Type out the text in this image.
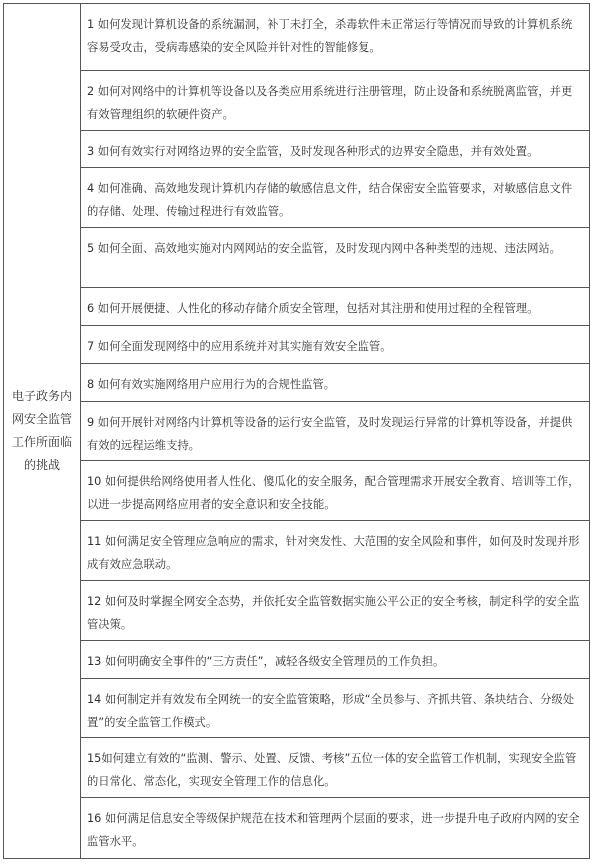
电子政务内网安全监管工作所面临的挑战
1 如何发现计算机设备的系统漏洞，补丁未打全，杀毒软件未正常运行等情况而导致的计算机系统容易受攻击，受病毒感染的安全风险并针对性的智能修复。
2 如何对网络中的计算机等设备以及各类应用系统进行注册管理，防止设备和系统脱离监管，并更有效管理组织的软硬件资产。
3 如何有效实行对网络边界的安全监管，及时发现各种形式的边界安全隐患，并有效处置。
4 如何准确、高效地发现计算机内存储的敏感信息文件，结合保密安全监管要求，对敏感信息文件的存储、处理、传输过程进行有效监管。
5 如何全面、高效地实施对内网网站的安全监管，及时发现内网中各种类型的违规、违法网站。
6 如何开展便捷、人性化的移动存储介质安全管理，包括对其注册和使用过程的全程管理。
7 如何全面发现网络中的应用系统并对其实施有效安全监管。
8 如何有效实施网络用户应用行为的合规性监管。
9 如何开展针对网络内计算机等设备的运行安全监管，及时发现运行异常的计算机等设备，并提供有效的远程运维支持。
10 如何提供给网络使用者人性化、傻瓜化的安全服务，配合管理需求开展安全教育、培训等工作，以进一步提高网络应用者的安全意识和安全技能。
11 如何满足安全管理应急响应的需求，针对突发性、大范围的安全风险和事件，如何及时发现并形成有效应急联动。
12 如何及时掌握全网安全态势，并依托安全监管数据实施公平公正的安全考核，制定科学的安全监管决策。
13 如何明确安全事件的“三方责任”，减轻各级安全管理员的工作负担。
14 如何制定并有效发布全网统一的安全监管策略，形成“全员参与、齐抓共管、条块结合、分级处置”的安全监管工作模式。
15如何建立有效的“监测、警示、处置、反馈、考核”五位一体的安全监管工作机制，实现安全监管的日常化、常态化，实现安全管理工作的信息化。
16 如何满足信息安全等级保护规范在技术和管理两个层面的要求，进一步提升电子政府内网的安全监管水平。
